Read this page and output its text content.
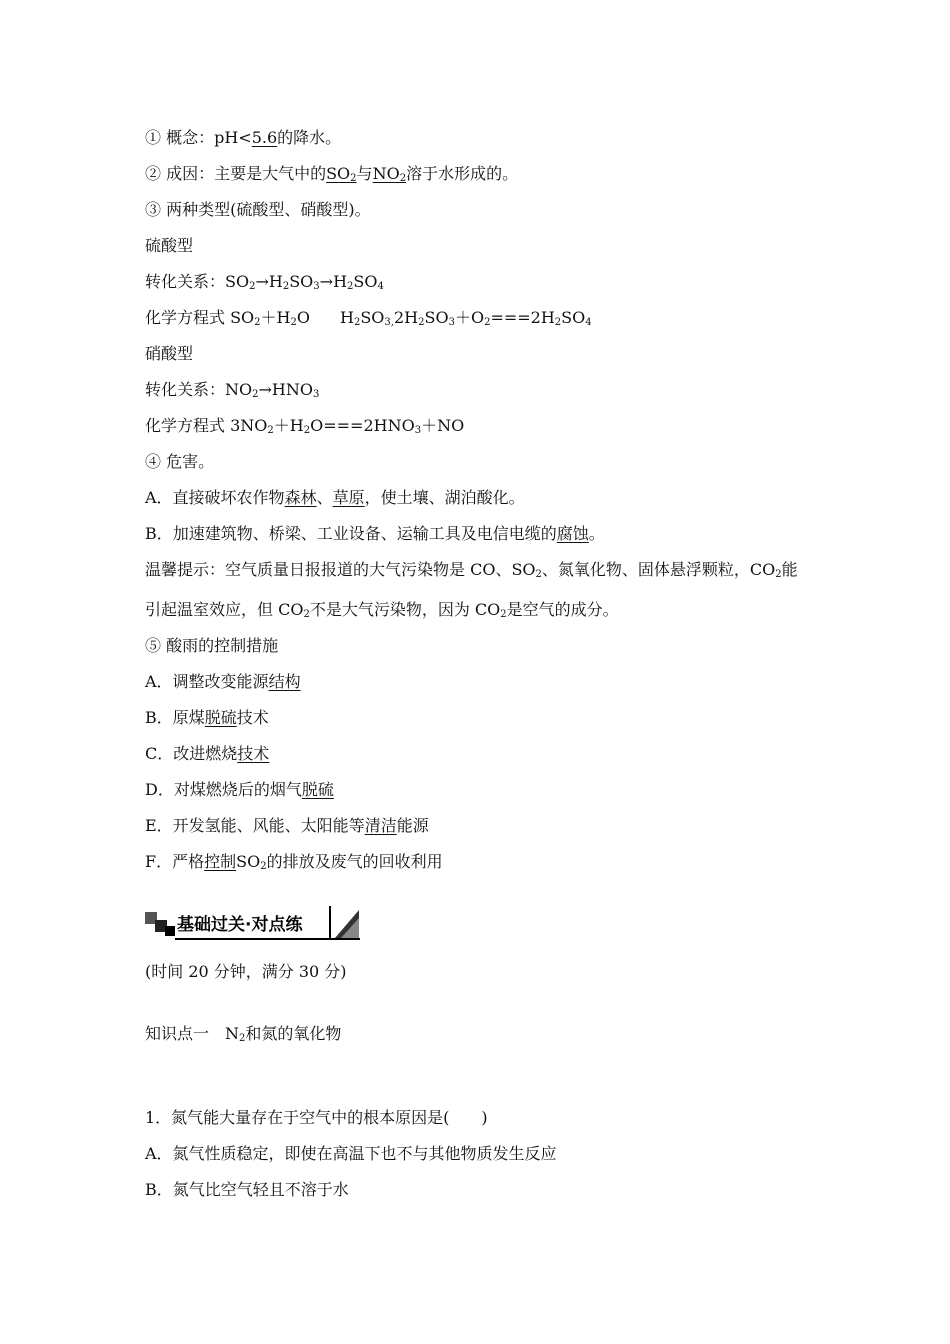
① 概念：pH<5.6的降水。
② 成因：主要是大气中的$SO_2$与$NO_2$溶于水形成的。
③ 两种类型(硫酸型、硝酸型)。
硫酸型
转化关系：$SO_2\to H_2SO_3\to H_2SO_4$
化学方程式 $SO_2+H_2O$ $H_2SO_{3,}2H_2SO_3+O_2===2H_2SO_4$
硝酸型
转化关系：$NO_2\to HNO_3$
化学方程式 $3NO_2+H_2O===2HNO_3+NO$
④ 危害。
A．直接破坏农作物森林、草原，使土壤、湖泊酸化。
B．加速建筑物、桥梁、工业设备、运输工具及电信电缆的腐蚀。
温馨提示：空气质量日报报道的大气污染物是 CO、$SO_2$、氮氧化物、固体悬浮颗粒，$CO_2$能
引起温室效应，但 $CO_2$不是大气污染物，因为 $CO_2$是空气的成分。
⑤ 酸雨的控制措施
A．调整改变能源结构
B．原煤脱硫技术
C．改进燃烧技术
D．对煤燃烧后的烟气脱硫
E．开发氢能、风能、太阳能等清洁能源
F．严格控制$SO_2$的排放及废气的回收利用
基础过关·对点练
(时间 20 分钟，满分 30 分)
知识点一　$N_2$和氮的氧化物
1．氮气能大量存在于空气中的根本原因是(　　)
A．氮气性质稳定，即使在高温下也不与其他物质发生反应
B．氮气比空气轻且不溶于水
